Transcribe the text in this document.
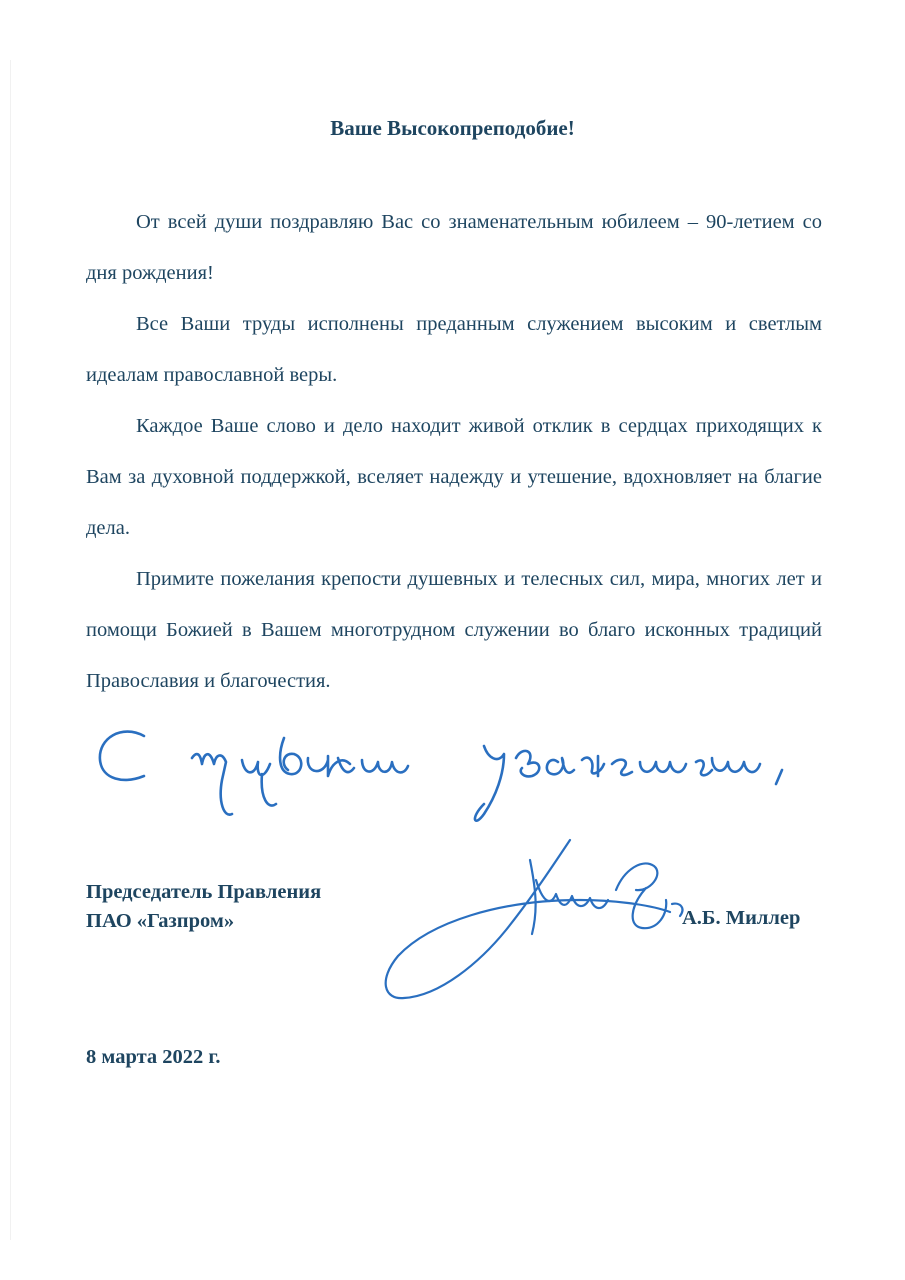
Ваше Высокопреподобие!

От всей души поздравляю Вас со знаменательным юбилеем – 90-летием со дня рождения!

Все Ваши труды исполнены преданным служением высоким и светлым идеалам православной веры.

Каждое Ваше слово и дело находит живой отклик в сердцах приходящих к Вам за духовной поддержкой, вселяет надежду и утешение, вдохновляет на благие дела.

Примите пожелания крепости душевных и телесных сил, мира, многих лет и помощи Божией в Вашем многотрудном служении во благо исконных традиций Православия и благочестия.

Председатель Правления
ПАО «Газпром»	А.Б. Миллер
8 марта 2022 г.
